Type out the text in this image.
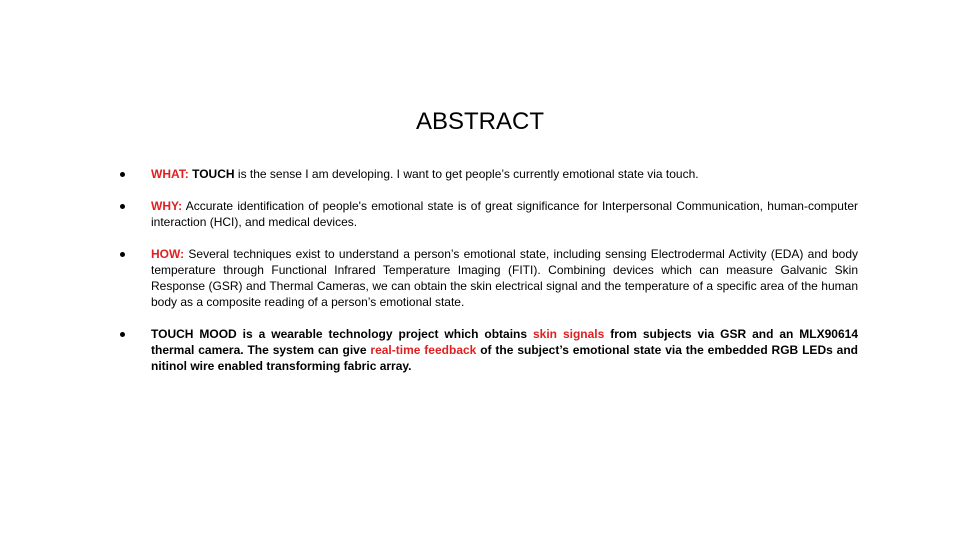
ABSTRACT
WHAT: TOUCH is the sense I am developing. I want to get people’s currently emotional state via touch.
WHY: Accurate identification of people's emotional state is of great significance for Interpersonal Communication, human-computer interaction (HCI), and medical devices.
HOW: Several techniques exist to understand a person’s emotional state, including sensing Electrodermal Activity (EDA) and body temperature through Functional Infrared Temperature Imaging (FITI). Combining devices which can measure Galvanic Skin Response (GSR) and Thermal Cameras, we can obtain the skin electrical signal and the temperature of a specific area of the human body as a composite reading of a person’s emotional state.
TOUCH MOOD is a wearable technology project which obtains skin signals from subjects via GSR and an MLX90614 thermal camera. The system can give real-time feedback of the subject’s emotional state via the embedded RGB LEDs and nitinol wire enabled transforming fabric array.
